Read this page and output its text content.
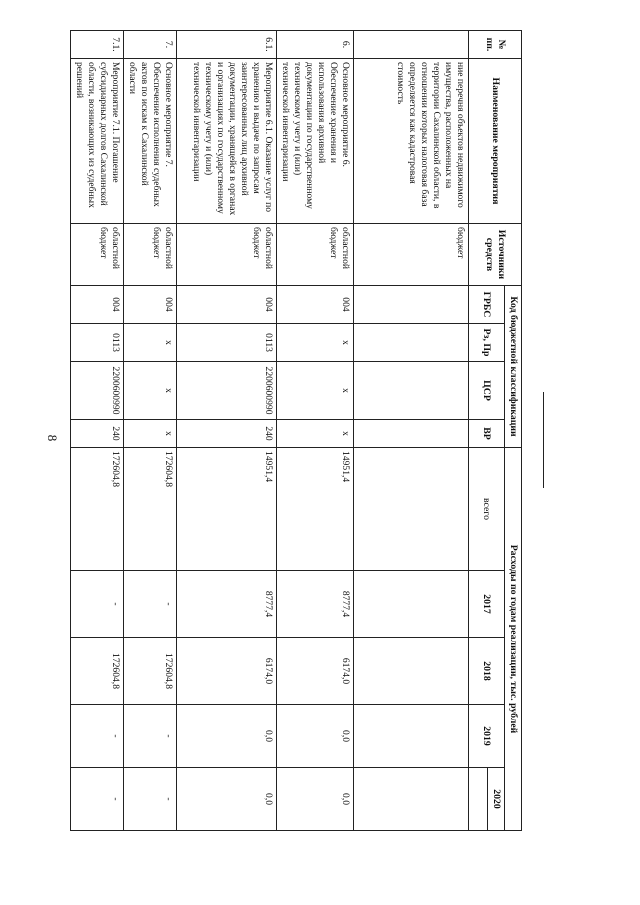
8
№ пп.	Наименование мероприятия	Источники средств	Код бюджетной классификации				Расходы по годам реализации, тыс. рублей				
			ГРБС	Рз, Пр	ЦСР	ВР	всего	2017	2018	2019	2020

	ние перечня объектов недвижимого имущества, расположенных на территории Сахалинской области, в отношении которых налоговая база определяется как кадастровая стоимость	бюджет									
6.	Основное мероприятие 6. Обеспечение хранения и использования архивной документации по государственному техническому учету и (или) технической инвентаризации	областной бюджет	004	х	х	х	14951,4	8777,4	6174,0	0,0	0,0
6.1.	Мероприятие 6.1. Оказание услуг по хранению и выдаче по запросам заинтересованных лиц архивной документации, хранящейся в органах и организациях по государственному техническому учету и (или) технической инвентаризации	областной бюджет	004	0113	2200600990	240	14951,4	8777,4	6174,0	0,0	0,0
7.	Основное мероприятие 7. Обеспечение исполнения судебных актов по искам к Сахалинской области	областной бюджет	004	х	х	х	172604,8	-	172604,8	-	-
7.1.	Мероприятие 7.1. Погашение субсидиарных долгов Сахалинской области, возникающих из судебных решений	областной бюджет	004	0113	2200600990	240	172604,8	-	172604,8	-	-
